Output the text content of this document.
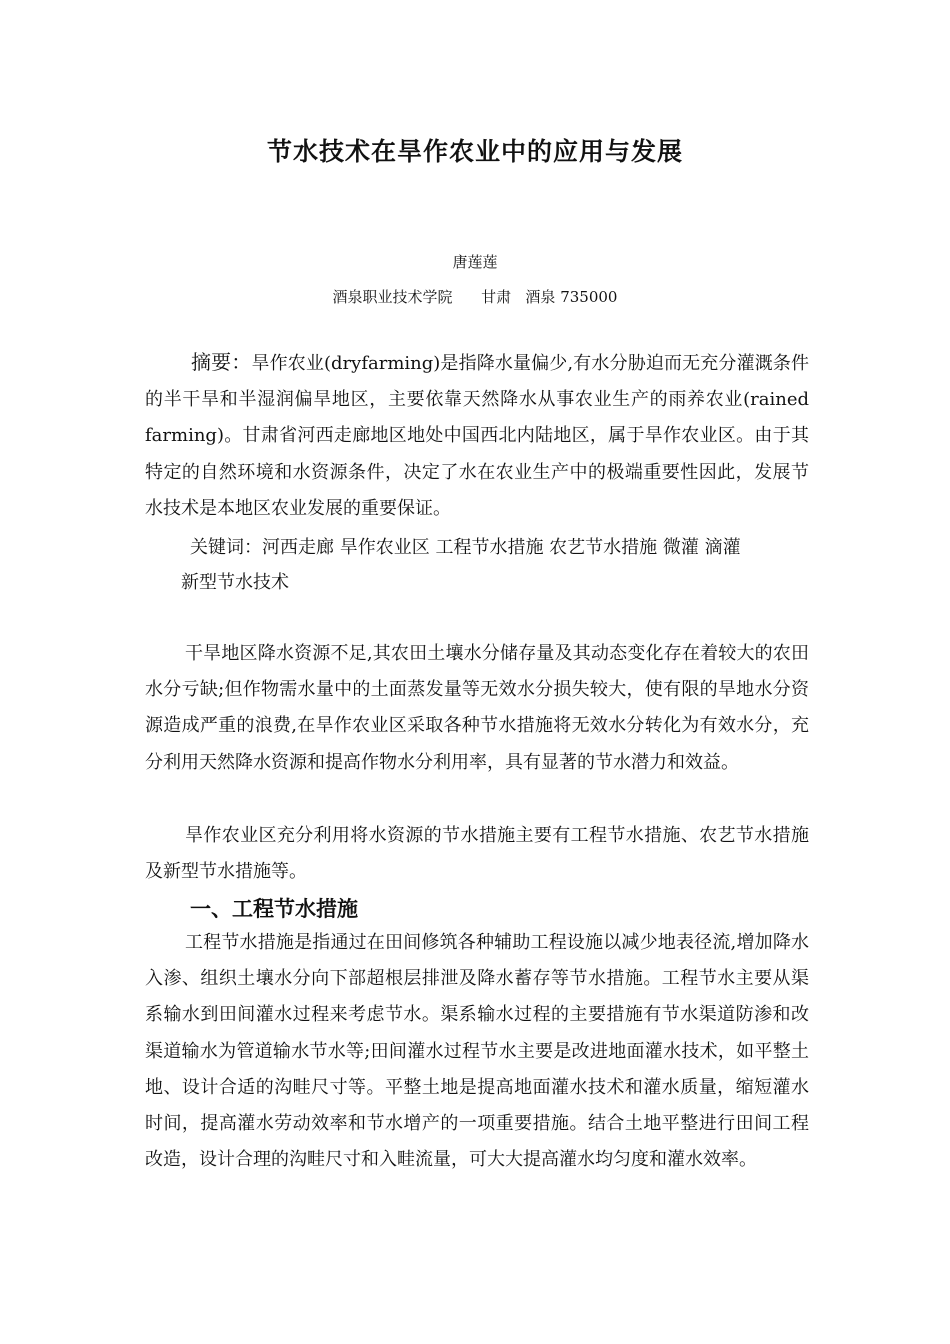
节水技术在旱作农业中的应用与发展
唐莲莲
酒泉职业技术学院      甘肃   酒泉 735000
摘要：旱作农业(dryfarming)是指降水量偏少,有水分胁迫而无充分灌溉条件的半干旱和半湿润偏旱地区，主要依靠天然降水从事农业生产的雨养农业(rained farming)。甘肃省河西走廊地区地处中国西北内陆地区，属于旱作农业区。由于其特定的自然环境和水资源条件，决定了水在农业生产中的极端重要性因此，发展节水技术是本地区农业发展的重要保证。
关键词：河西走廊 旱作农业区 工程节水措施 农艺节水措施 微灌 滴灌
新型节水技术
干旱地区降水资源不足,其农田土壤水分储存量及其动态变化存在着较大的农田水分亏缺;但作物需水量中的土面蒸发量等无效水分损失较大，使有限的旱地水分资源造成严重的浪费,在旱作农业区采取各种节水措施将无效水分转化为有效水分，充分利用天然降水资源和提高作物水分利用率，具有显著的节水潜力和效益。
旱作农业区充分利用将水资源的节水措施主要有工程节水措施、农艺节水措施及新型节水措施等。
一、工程节水措施
工程节水措施是指通过在田间修筑各种辅助工程设施以减少地表径流,增加降水入渗、组织土壤水分向下部超根层排泄及降水蓄存等节水措施。工程节水主要从渠系输水到田间灌水过程来考虑节水。渠系输水过程的主要措施有节水渠道防渗和改渠道输水为管道输水节水等;田间灌水过程节水主要是改进地面灌水技术，如平整土地、设计合适的沟畦尺寸等。平整土地是提高地面灌水技术和灌水质量，缩短灌水时间，提高灌水劳动效率和节水增产的一项重要措施。结合土地平整进行田间工程改造，设计合理的沟畦尺寸和入畦流量，可大大提高灌水均匀度和灌水效率。
